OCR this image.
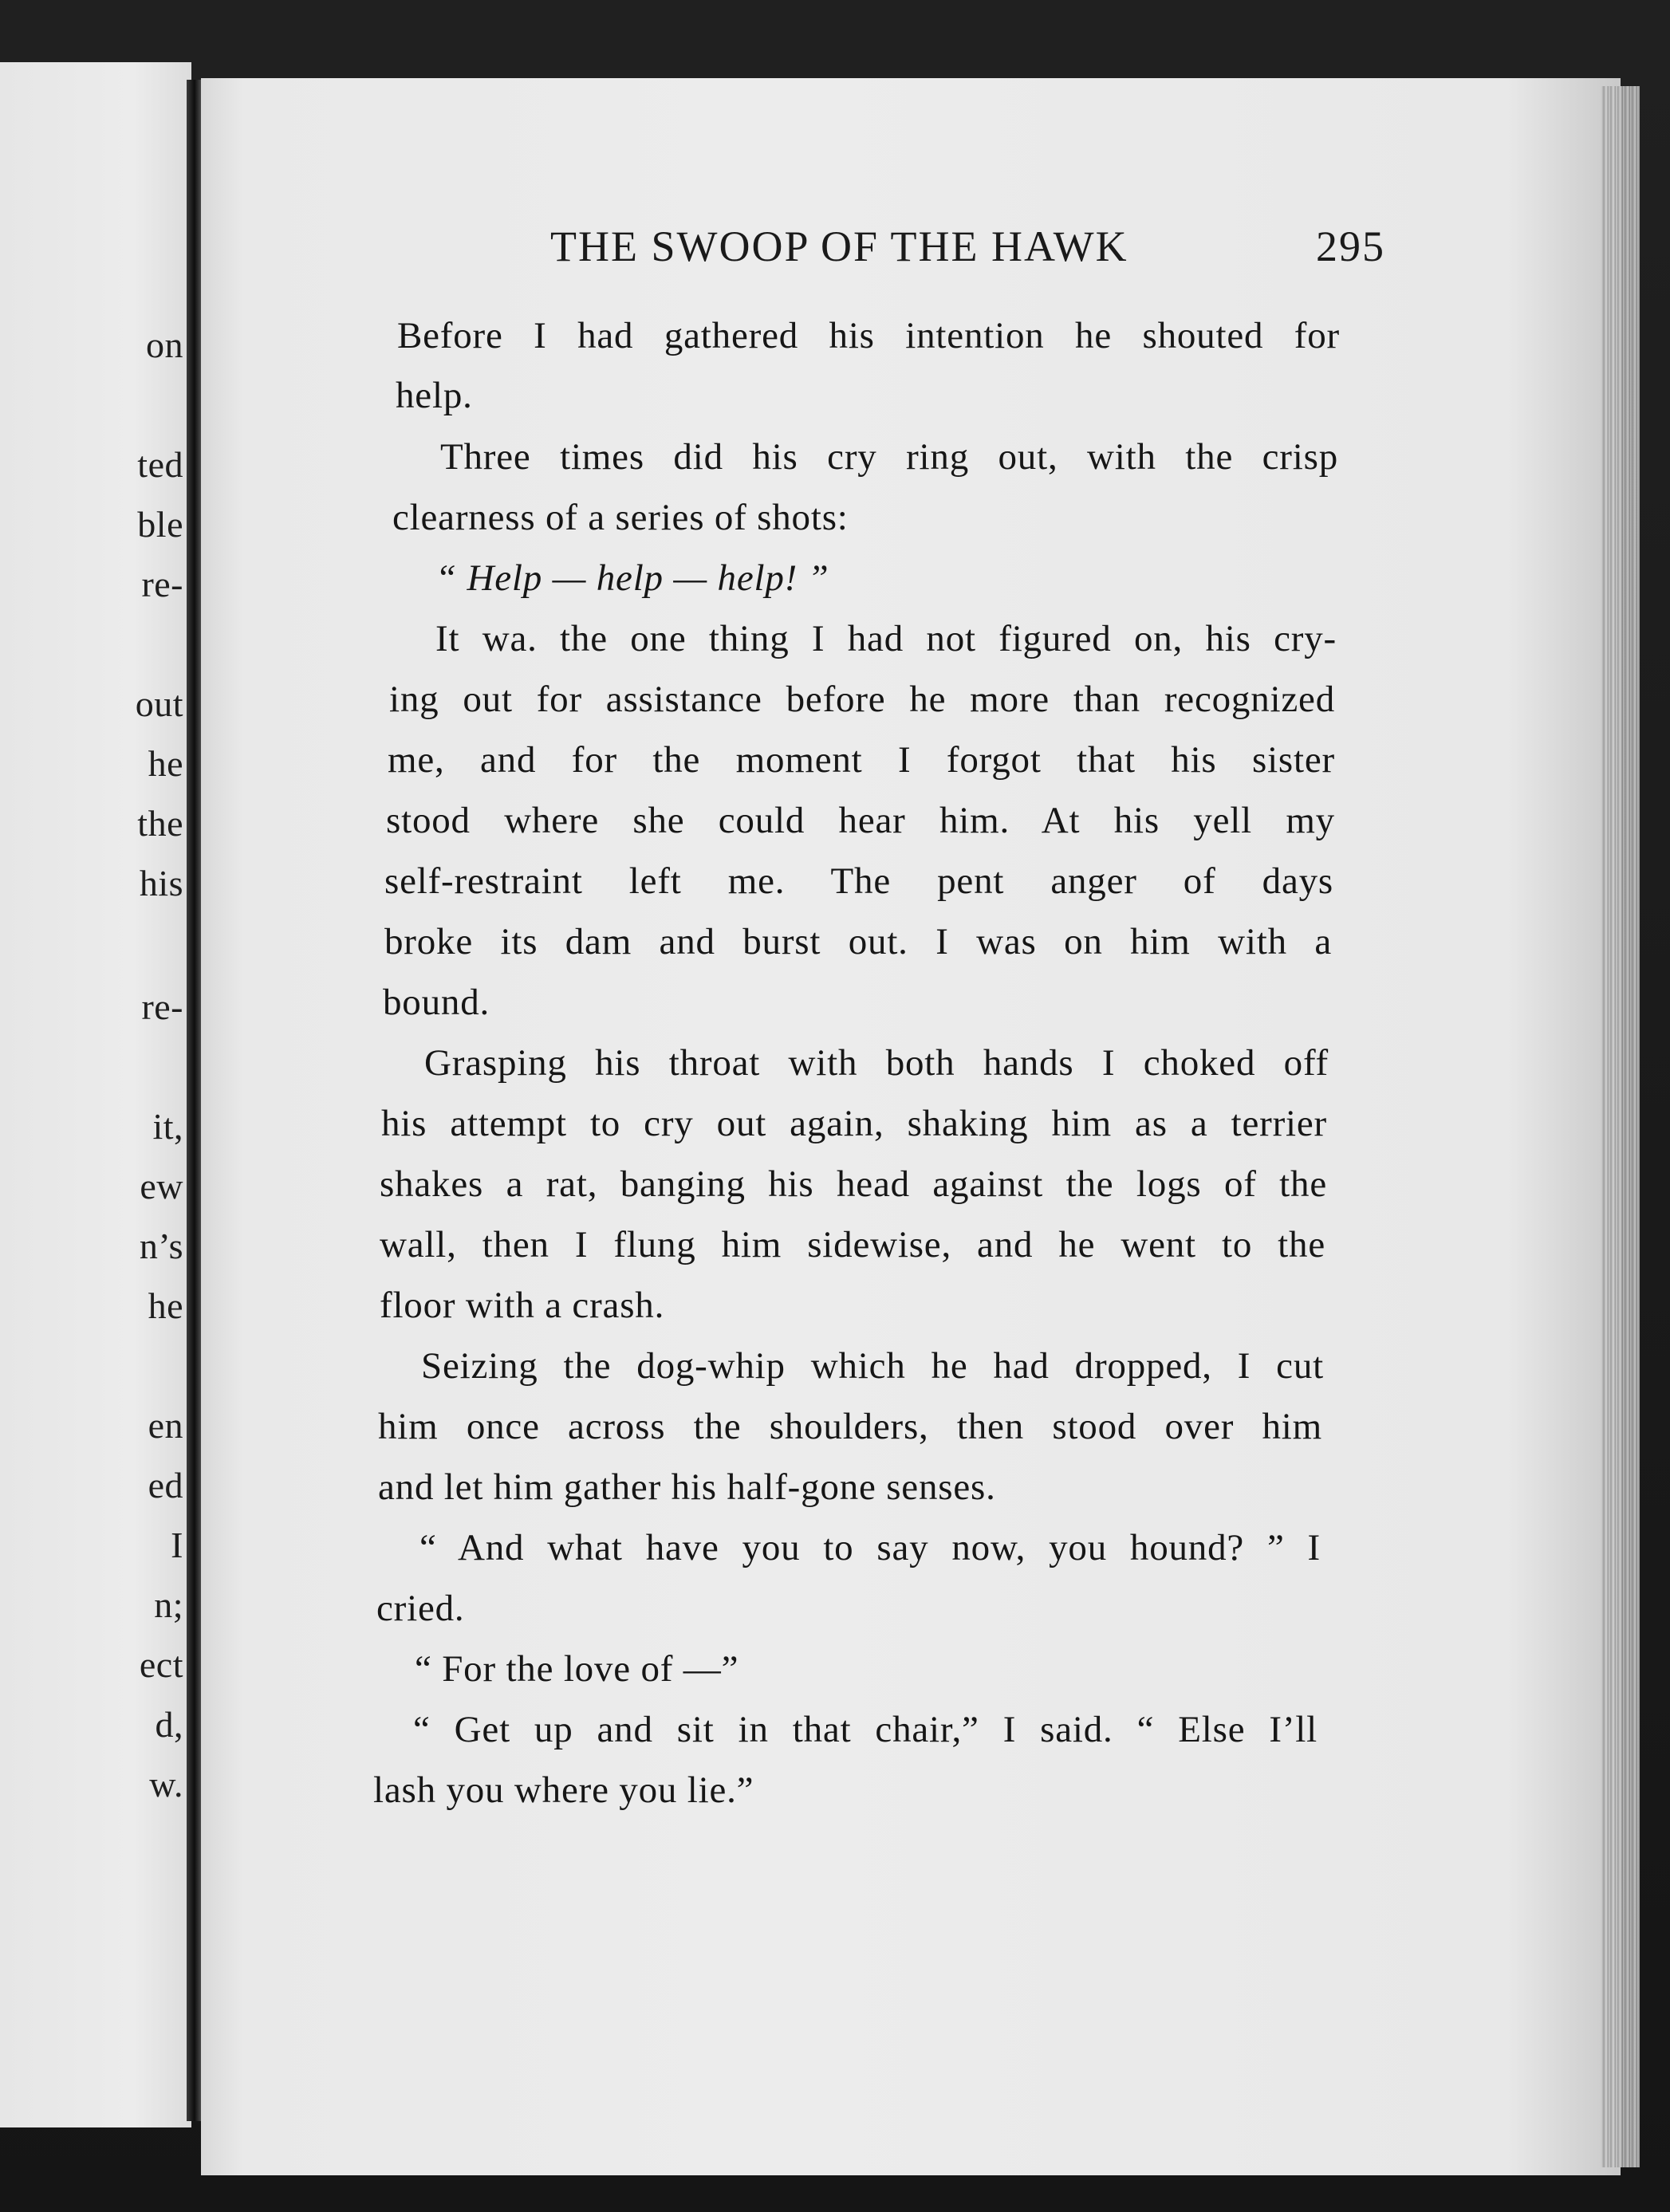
on
ted
ble
re-
out
he
the
his
re-
it,
ew
n’s
he
en
ed
I
n;
ect
d,
w.
THE SWOOP OF THE HAWK	295
Before I had gathered his intention he shouted for
help.
Three times did his cry ring out, with the crisp
clearness of a series of shots:
“ Help — help — help! ”
It wa. the one thing I had not figured on, his cry-
ing out for assistance before he more than recognized
me, and for the moment I forgot that his sister
stood where she could hear him. At his yell my
self-restraint left me. The pent anger of days
broke its dam and burst out. I was on him with a
bound.
Grasping his throat with both hands I choked off
his attempt to cry out again, shaking him as a terrier
shakes a rat, banging his head against the logs of the
wall, then I flung him sidewise, and he went to the
floor with a crash.
Seizing the dog-whip which he had dropped, I cut
him once across the shoulders, then stood over him
and let him gather his half-gone senses.
“ And what have you to say now, you hound? ” I
cried.
“ For the love of —”
“ Get up and sit in that chair,” I said. “ Else I’ll
lash you where you lie.”
